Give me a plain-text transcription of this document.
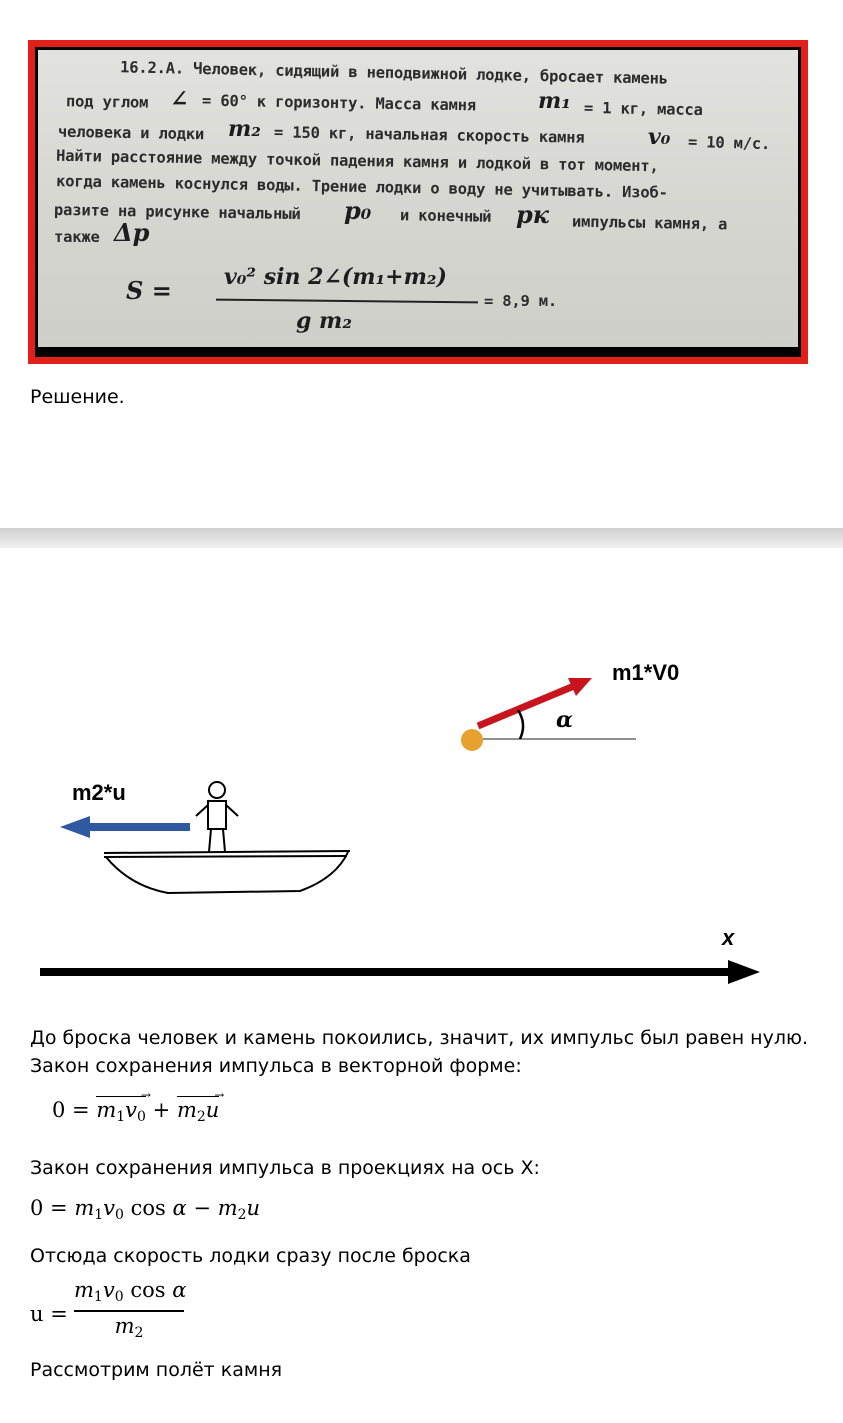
16.2.А. Человек, сидящий в неподвижной лодке, бросает камень
под углом ∠ = 60° к горизонту. Масса камня	m₁ = 1 кг, масса
человека и лодки m₂ = 150 кг, начальная скорость камня	v₀ = 10 м/с.
Найти расстояние между точкой падения камня и лодкой в тот момент,
когда камень коснулся воды. Трение лодки о воду не учитывать. Изоб-
разите на рисунке начальный p₀ и конечный pк импульсы камня, а
также Δp
S = v₀² sin 2∠(m₁+m₂)
g m₂
= 8,9 м.
Решение.
α
m1*V0
m2*u
x
До броска человек и камень покоились, значит, их импульс был равен нулю.
Закон сохранения импульса в векторной форме:
$0 = m_1v_0$
→
+ $m_2u$
→
Закон сохранения импульса в проекциях на ось Х:
$0 = m_1v_0$ $\cos \alpha - m_2u$
Отсюда скорость лодки сразу после броска
u =
$m_1v_0$ cos α
$m_2$
Рассмотрим полёт камня
